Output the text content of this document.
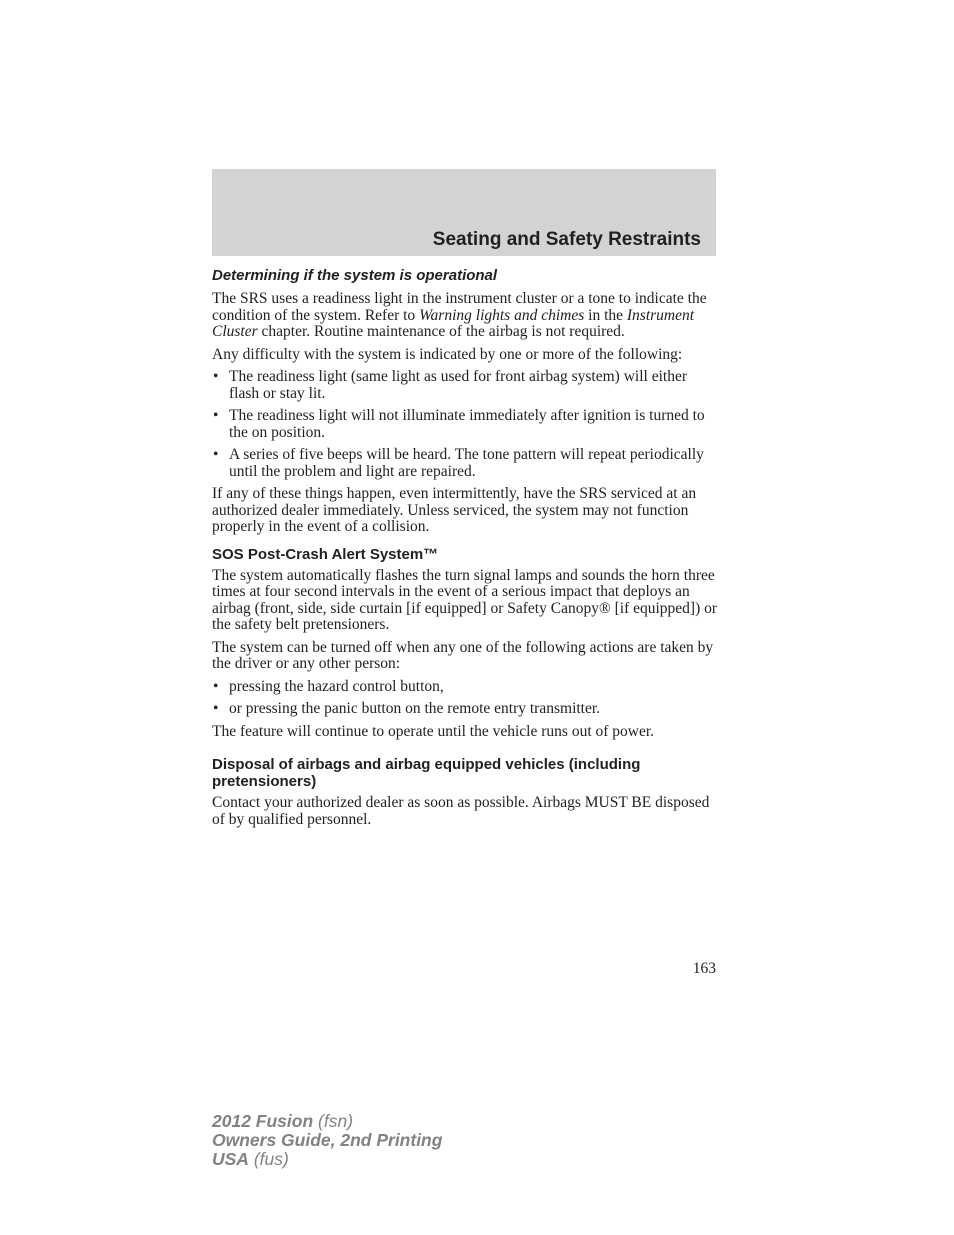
Seating and Safety Restraints
Determining if the system is operational

The SRS uses a readiness light in the instrument cluster or a tone to indicate the condition of the system. Refer to Warning lights and chimes in the Instrument Cluster chapter. Routine maintenance of the airbag is not required.

Any difficulty with the system is indicated by one or more of the following:

• The readiness light (same light as used for front airbag system) will either flash or stay lit.
• The readiness light will not illuminate immediately after ignition is turned to the on position.
• A series of five beeps will be heard. The tone pattern will repeat periodically until the problem and light are repaired.

If any of these things happen, even intermittently, have the SRS serviced at an authorized dealer immediately. Unless serviced, the system may not function properly in the event of a collision.

SOS Post-Crash Alert System™

The system automatically flashes the turn signal lamps and sounds the horn three times at four second intervals in the event of a serious impact that deploys an airbag (front, side, side curtain [if equipped] or Safety Canopy® [if equipped]) or the safety belt pretensioners.

The system can be turned off when any one of the following actions are taken by the driver or any other person:

• pressing the hazard control button,
• or pressing the panic button on the remote entry transmitter.

The feature will continue to operate until the vehicle runs out of power.

Disposal of airbags and airbag equipped vehicles (including pretensioners)

Contact your authorized dealer as soon as possible. Airbags MUST BE disposed of by qualified personnel.

163
2012 Fusion (fsn)
Owners Guide, 2nd Printing
USA (fus)
